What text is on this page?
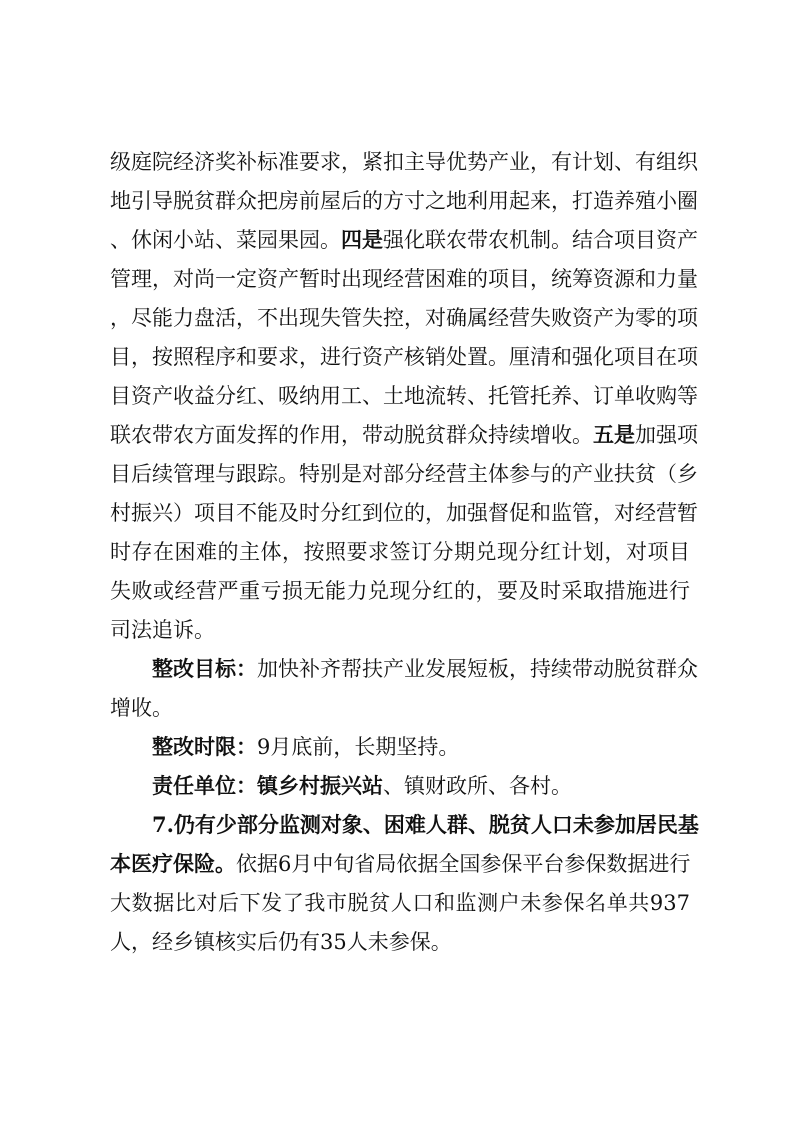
级庭院经济奖补标准要求，紧扣主导优势产业，有计划、有组织
地引导脱贫群众把房前屋后的方寸之地利用起来，打造养殖小圈
、休闲小站、菜园果园。四是强化联农带农机制。结合项目资产
管理，对尚一定资产暂时出现经营困难的项目，统筹资源和力量
，尽能力盘活，不出现失管失控，对确属经营失败资产为零的项
目，按照程序和要求，进行资产核销处置。厘清和强化项目在项
目资产收益分红、吸纳用工、土地流转、托管托养、订单收购等
联农带农方面发挥的作用，带动脱贫群众持续增收。五是加强项
目后续管理与跟踪。特别是对部分经营主体参与的产业扶贫（乡
村振兴）项目不能及时分红到位的，加强督促和监管，对经营暂
时存在困难的主体，按照要求签订分期兑现分红计划，对项目
失败或经营严重亏损无能力兑现分红的，要及时采取措施进行
司法追诉。
整改目标：加快补齐帮扶产业发展短板，持续带动脱贫群众
增收。
整改时限：9月底前，长期坚持。
责任单位：镇乡村振兴站、镇财政所、各村。
7.仍有少部分监测对象、困难人群、脱贫人口未参加居民基
本医疗保险。依据6月中旬省局依据全国参保平台参保数据进行
大数据比对后下发了我市脱贫人口和监测户未参保名单共937
人，经乡镇核实后仍有35人未参保。
